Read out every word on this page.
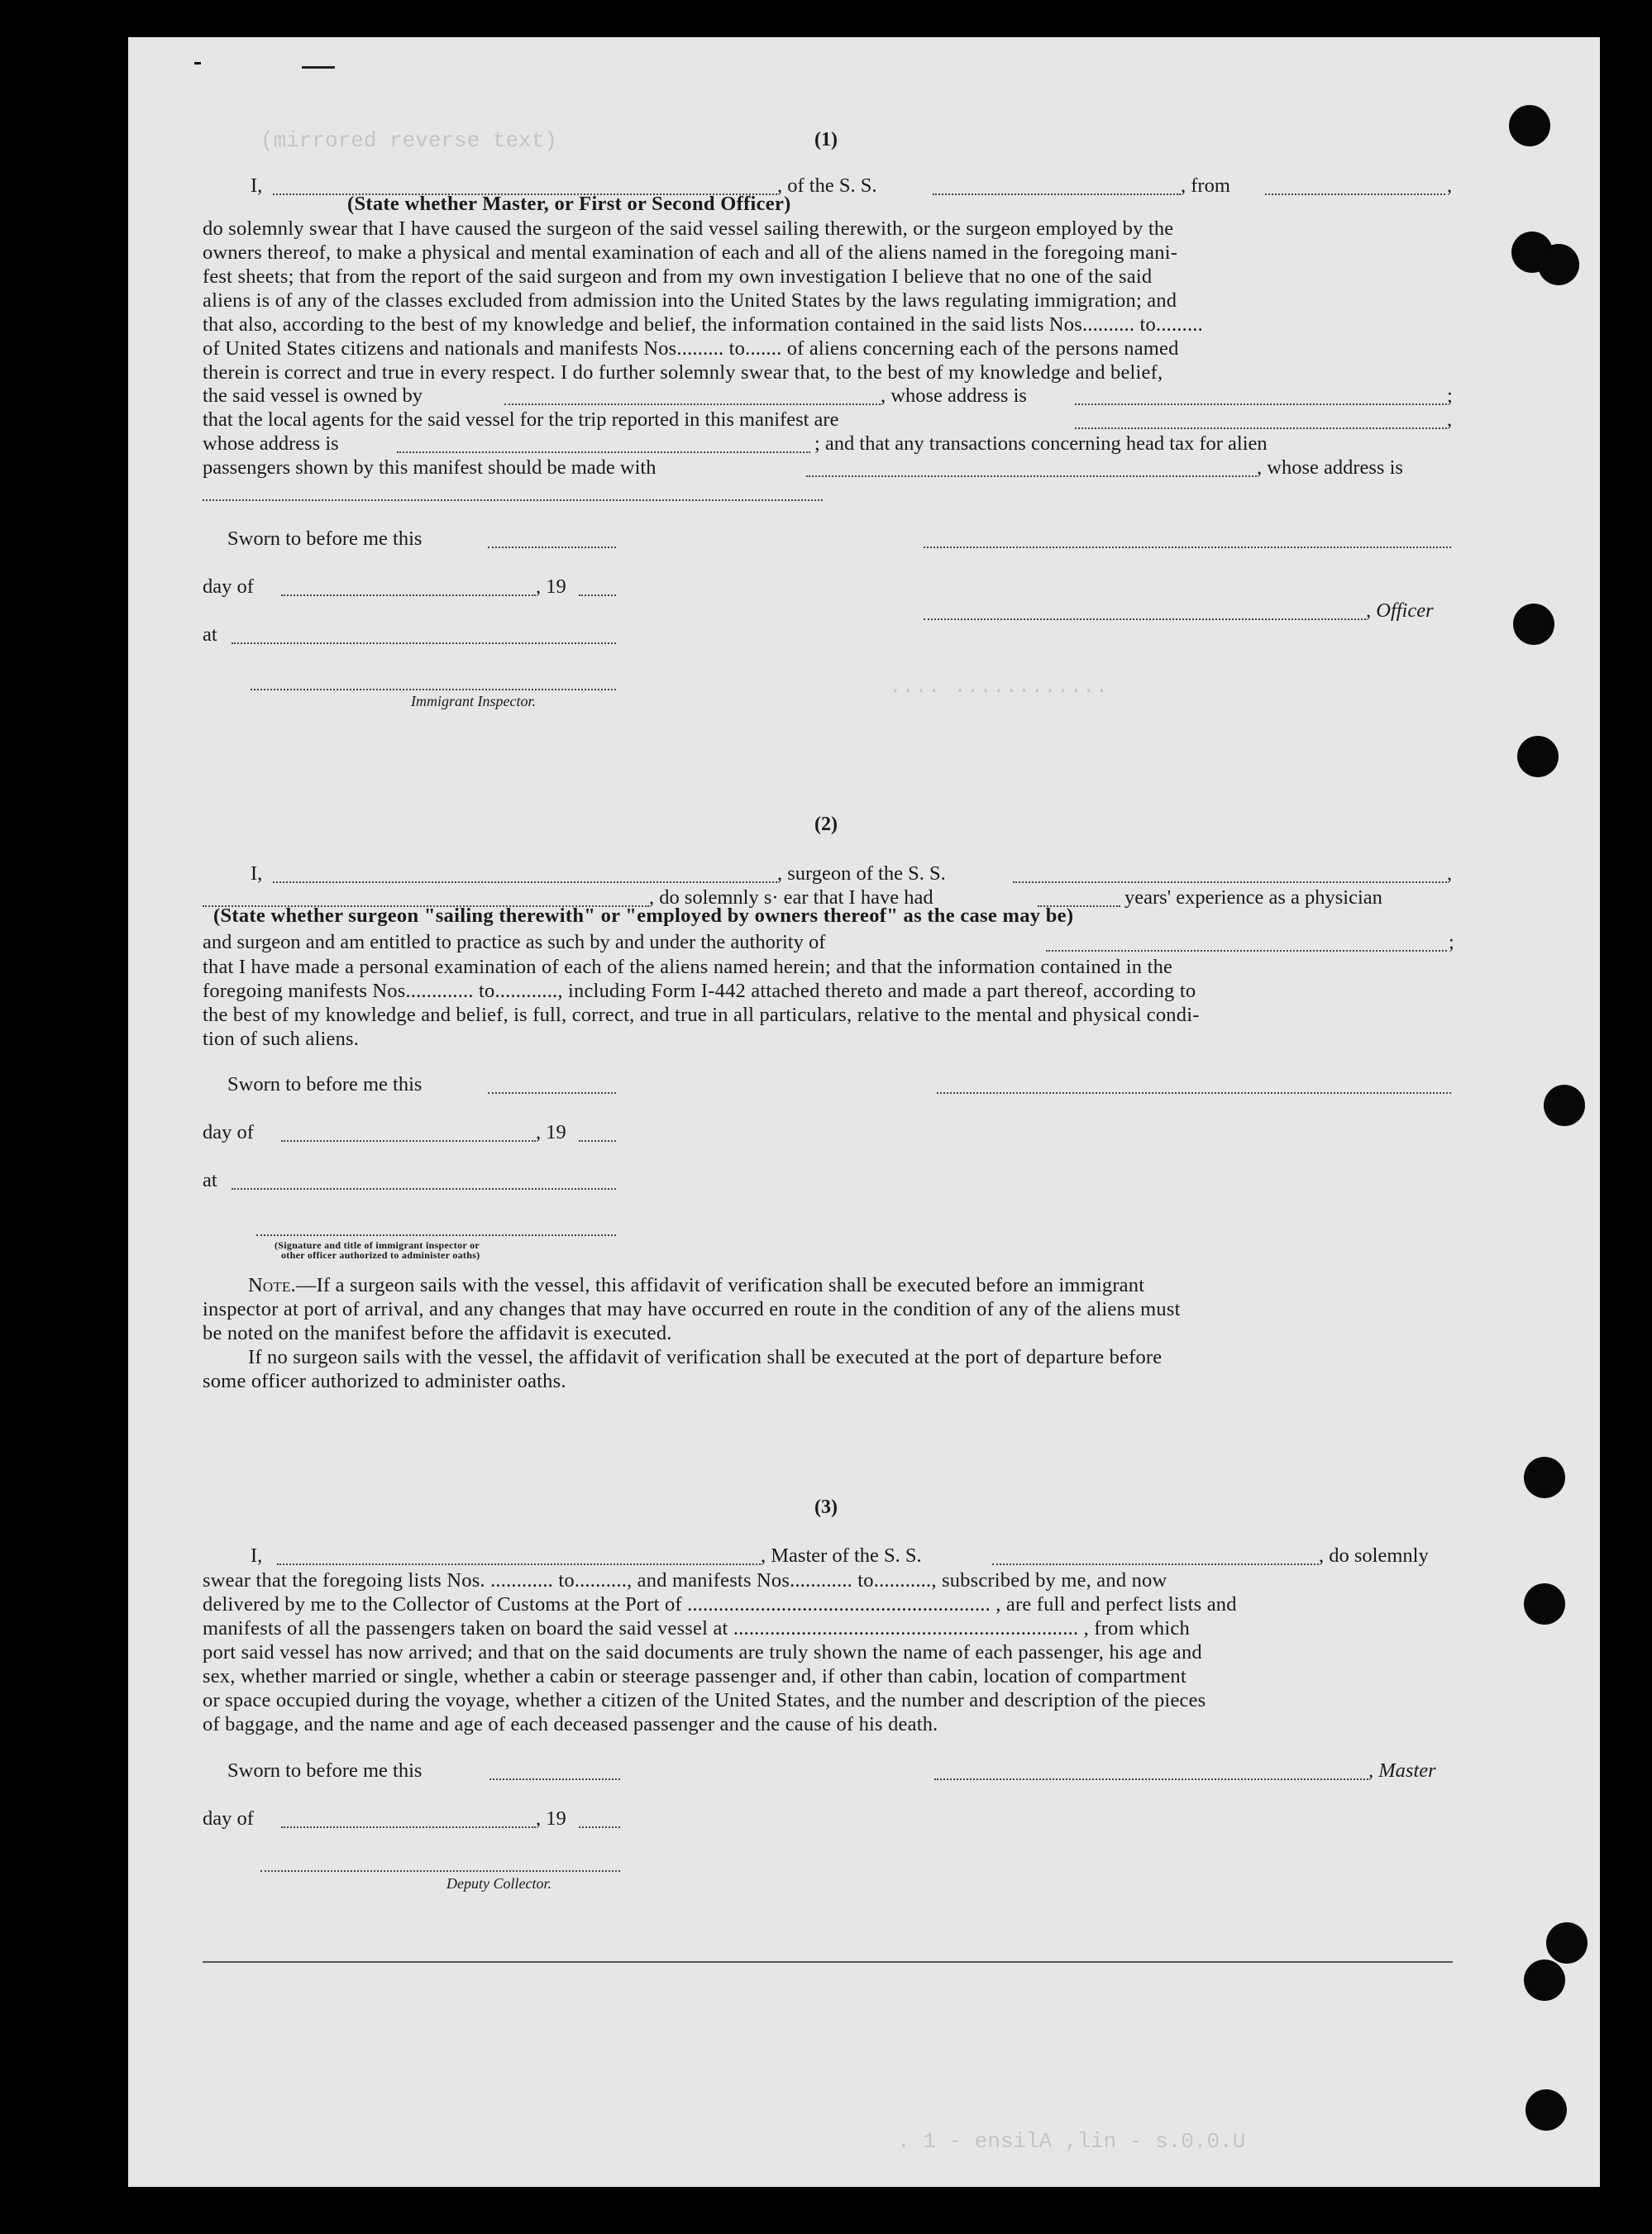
(mirrored reverse text)
.... ............
. 1 - ensilA ,lin - s.0.0.U
(1)
I,	, of the S. S.	, from	,
(State whether Master, or First or Second Officer)

do solemnly swear that I have caused the surgeon of the said vessel sailing therewith, or the surgeon employed by the

owners thereof, to make a physical and mental examination of each and all of the aliens named in the foregoing mani-

fest sheets; that from the report of the said surgeon and from my own investigation I believe that no one of the said

aliens is of any of the classes excluded from admission into the United States by the laws regulating immigration; and

that also, according to the best of my knowledge and belief, the information contained in the said lists Nos.......... to.........

of United States citizens and nationals and manifests Nos......... to....... of aliens concerning each of the persons named

therein is correct and true in every respect. I do further solemnly swear that, to the best of my knowledge and belief,

the said vessel is owned by	, whose address is	;
that the local agents for the said vessel for the trip reported in this manifest are	,
whose address is	; and that any transactions concerning head tax for alien
passengers shown by this manifest should be made with	, whose address is
Sworn to before me this
day of	, 19
, Officer
at
Immigrant Inspector.
(2)
I,	, surgeon of the S. S.	,
, do solemnly s· ear that I have had	years' experience as a physician
(State whether surgeon "sailing therewith" or "employed by owners thereof" as the case may be)
and surgeon and am entitled to practice as such by and under the authority of	;

that I have made a personal examination of each of the aliens named herein; and that the information contained in the

foregoing manifests Nos............. to............, including Form I-442 attached thereto and made a part thereof, according to

the best of my knowledge and belief, is full, correct, and true in all particulars, relative to the mental and physical condi-

tion of such aliens.

Sworn to before me this
day of	, 19
at
(Signature and title of immigrant inspector or
other officer authorized to administer oaths)

Note.—If a surgeon sails with the vessel, this affidavit of verification shall be executed before an immigrant

inspector at port of arrival, and any changes that may have occurred en route in the condition of any of the aliens must

be noted on the manifest before the affidavit is executed.

If no surgeon sails with the vessel, the affidavit of verification shall be executed at the port of departure before

some officer authorized to administer oaths.

(3)
I,	, Master of the S. S.	, do solemnly

swear that the foregoing lists Nos. ............ to.........., and manifests Nos............ to..........., subscribed by me, and now

delivered by me to the Collector of Customs at the Port of .......................................................... , are full and perfect lists and

manifests of all the passengers taken on board the said vessel at .................................................................. , from which

port said vessel has now arrived; and that on the said documents are truly shown the name of each passenger, his age and

sex, whether married or single, whether a cabin or steerage passenger and, if other than cabin, location of compartment

or space occupied during the voyage, whether a citizen of the United States, and the number and description of the pieces

of baggage, and the name and age of each deceased passenger and the cause of his death.

Sworn to before me this	, Master
day of	, 19
Deputy Collector.
